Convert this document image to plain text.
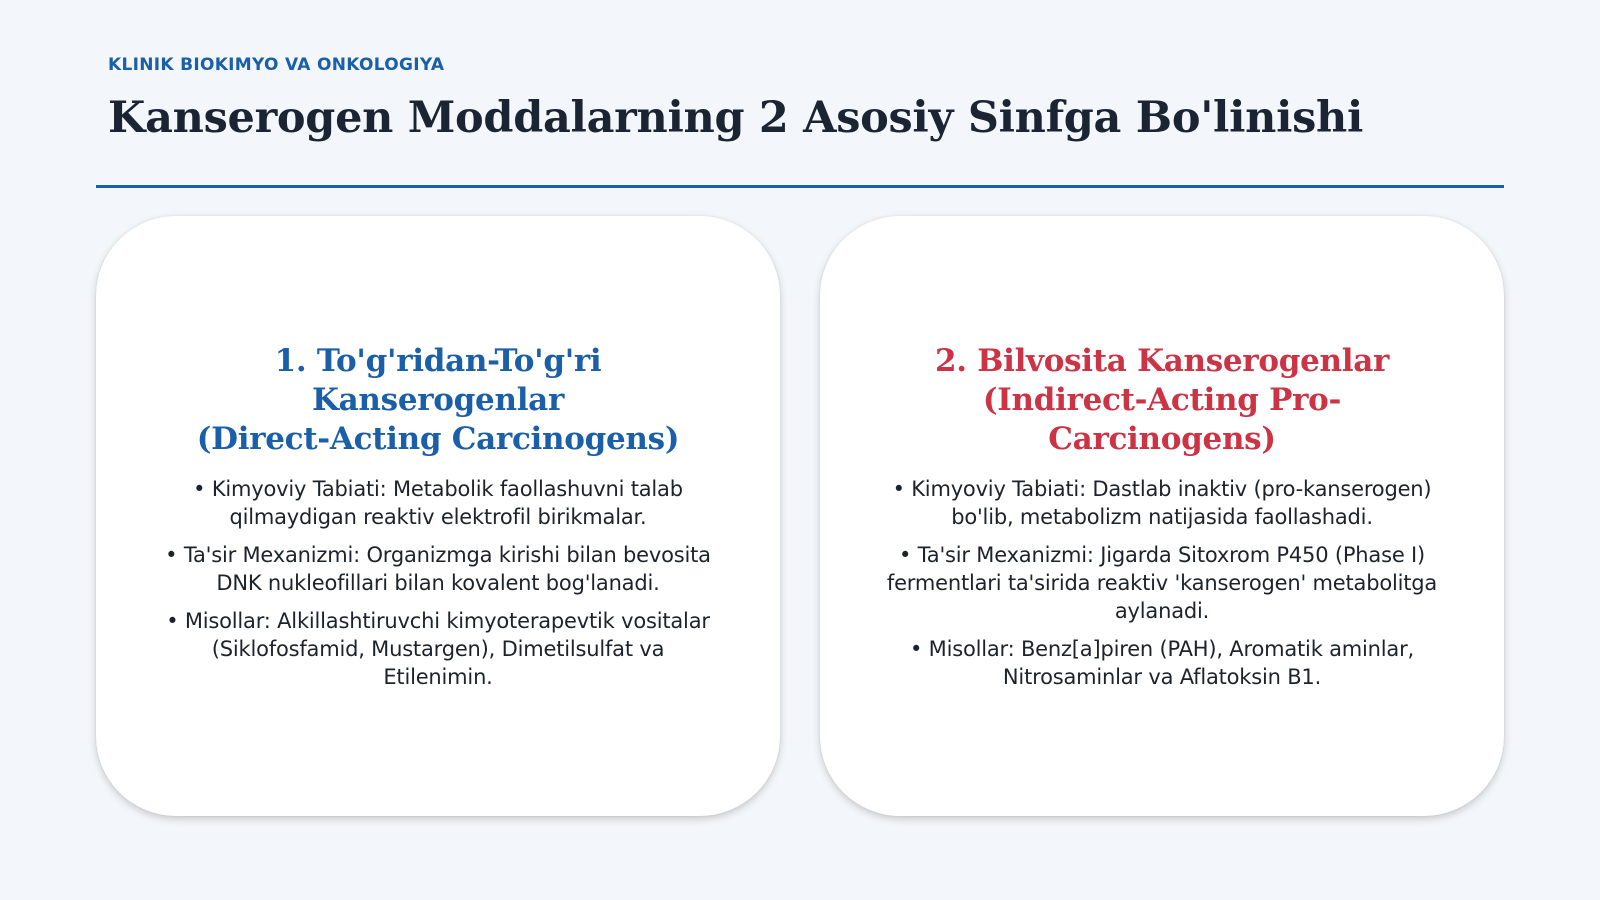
KLINIK BIOKIMYO VA ONKOLOGIYA
Kanserogen Moddalarning 2 Asosiy Sinfga Bo'linishi
1. To'g'ridan-To'g'ri Kanserogenlar
(Direct-Acting Carcinogens)
• Kimyoviy Tabiati: Metabolik faollashuvni talab qilmaydigan reaktiv elektrofil birikmalar.
• Ta'sir Mexanizmi: Organizmga kirishi bilan bevosita DNK nukleofillari bilan kovalent bog'lanadi.
• Misollar: Alkillashtiruvchi kimyoterapevtik vositalar (Siklofosfamid, Mustargen), Dimetilsulfat va Etilenimin.
2. Bilvosita Kanserogenlar
(Indirect-Acting Pro-Carcinogens)
• Kimyoviy Tabiati: Dastlab inaktiv (pro-kanserogen) bo'lib, metabolizm natijasida faollashadi.
• Ta'sir Mexanizmi: Jigarda Sitoxrom P450 (Phase I) fermentlari ta'sirida reaktiv 'kanserogen' metabolitga aylanadi.
• Misollar: Benz[a]piren (PAH), Aromatik aminlar, Nitrosaminlar va Aflatoksin B1.
